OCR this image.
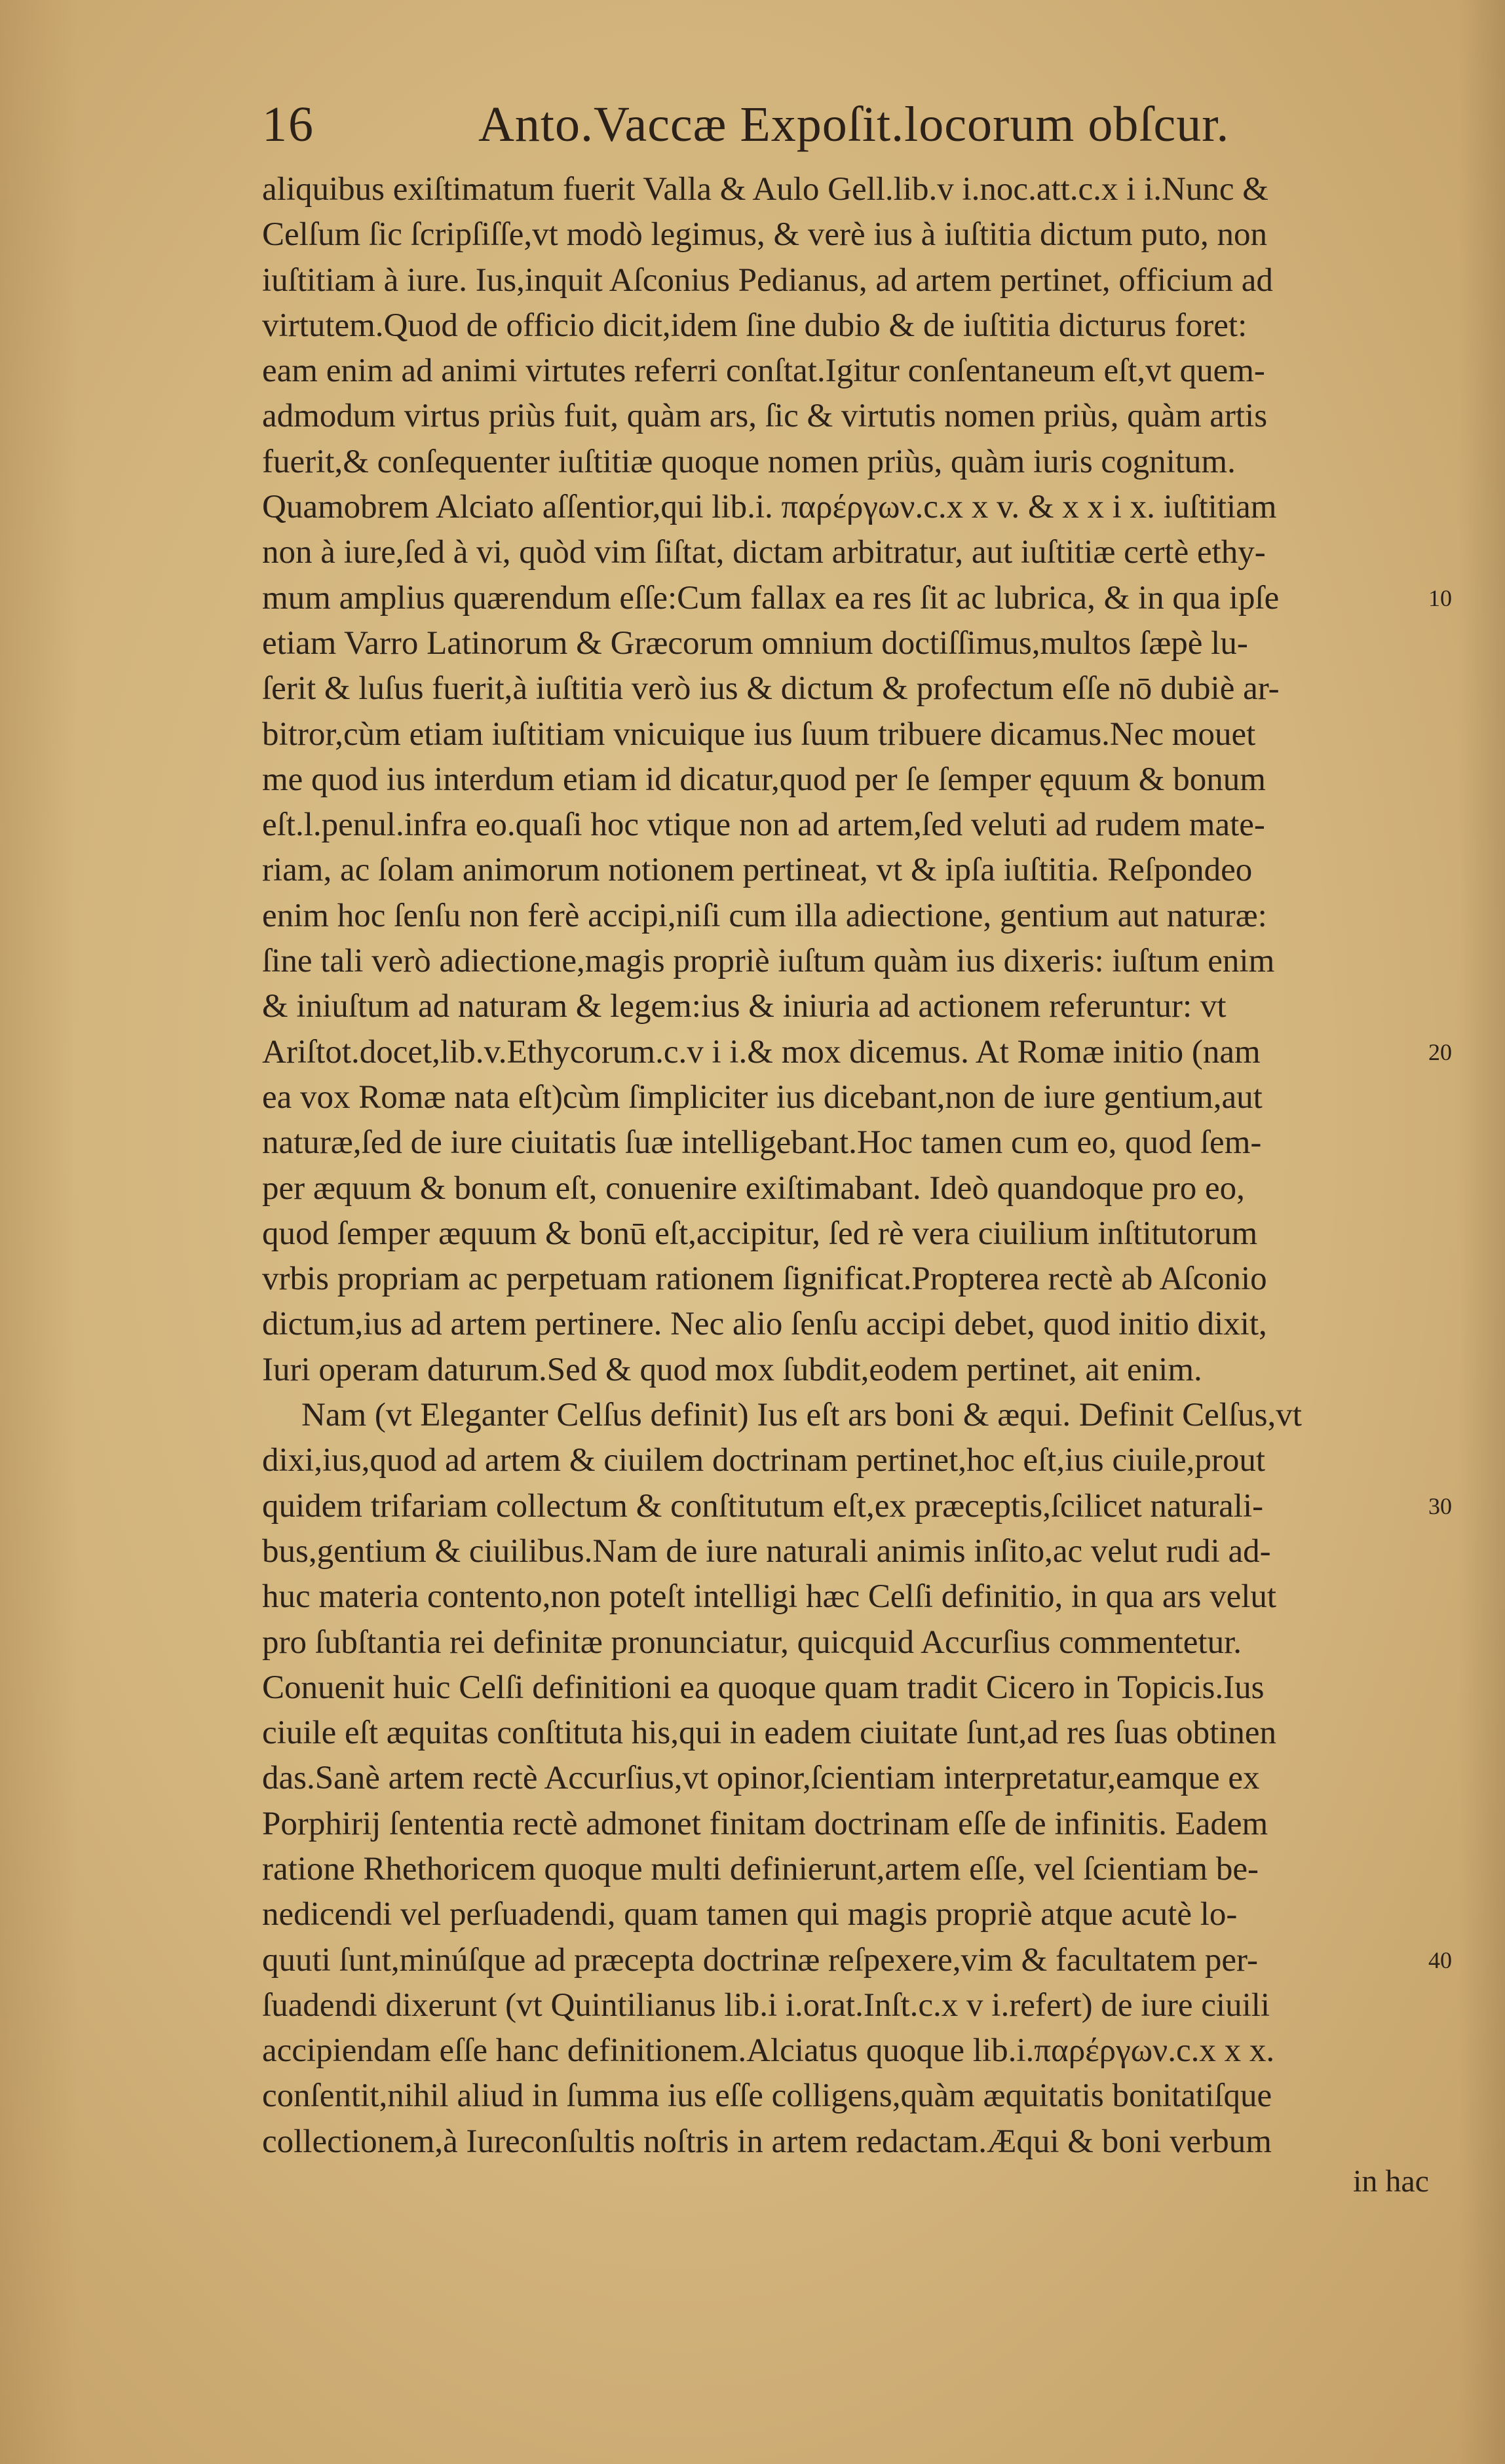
16	Anto.Vaccæ Expoſit.locorum obſcur.
aliquibus exiſtimatum fuerit Valla & Aulo Gell.lib.v i.noc.att.c.x i i.Nunc &
Celſum ſic ſcripſiſſe,vt modò legimus, & verè ius à iuſtitia dictum puto, non
iuſtitiam à iure. Ius,inquit Aſconius Pedianus, ad artem pertinet, officium ad
virtutem.Quod de officio dicit,idem ſine dubio & de iuſtitia dicturus foret:
eam enim ad animi virtutes referri conſtat.Igitur conſentaneum eſt,vt quem-
admodum virtus priùs fuit, quàm ars, ſic & virtutis nomen priùs, quàm artis
fuerit,& conſequenter iuſtitiæ quoque nomen priùs, quàm iuris cognitum.
Quamobrem Alciato aſſentior,qui lib.i. παρέργων.c.x x v. & x x i x. iuſtitiam
non à iure,ſed à vi, quòd vim ſiſtat, dictam arbitratur, aut iuſtitiæ certè ethy-
mum amplius quærendum eſſe:Cum fallax ea res ſit ac lubrica, & in qua ipſe	10
etiam Varro Latinorum & Græcorum omnium doctiſſimus,multos ſæpè lu-
ſerit & luſus fuerit,à iuſtitia verò ius & dictum & profectum eſſe nō dubiè ar-
bitror,cùm etiam iuſtitiam vnicuique ius ſuum tribuere dicamus.Nec mouet
me quod ius interdum etiam id dicatur,quod per ſe ſemper ęquum & bonum
eſt.l.penul.infra eo.quaſi hoc vtique non ad artem,ſed veluti ad rudem mate-
riam, ac ſolam animorum notionem pertineat, vt & ipſa iuſtitia. Reſpondeo
enim hoc ſenſu non ferè accipi,niſi cum illa adiectione, gentium aut naturæ:
ſine tali verò adiectione,magis propriè iuſtum quàm ius dixeris: iuſtum enim
& iniuſtum ad naturam & legem:ius & iniuria ad actionem referuntur: vt
Ariſtot.docet,lib.v.Ethycorum.c.v i i.& mox dicemus. At Romæ initio (nam	20
ea vox Romæ nata eſt)cùm ſimpliciter ius dicebant,non de iure gentium,aut
naturæ,ſed de iure ciuitatis ſuæ intelligebant.Hoc tamen cum eo, quod ſem-
per æquum & bonum eſt, conuenire exiſtimabant. Ideò quandoque pro eo,
quod ſemper æquum & bonū eſt,accipitur, ſed rè vera ciuilium inſtitutorum
vrbis propriam ac perpetuam rationem ſignificat.Propterea rectè ab Aſconio
dictum,ius ad artem pertinere. Nec alio ſenſu accipi debet, quod initio dixit,
Iuri operam daturum.Sed & quod mox ſubdit,eodem pertinet, ait enim.
Nam (vt Eleganter Celſus definit) Ius eſt ars boni & æqui. Definit Celſus,vt
dixi,ius,quod ad artem & ciuilem doctrinam pertinet,hoc eſt,ius ciuile,prout
quidem trifariam collectum & conſtitutum eſt,ex præceptis,ſcilicet naturali-	30
bus,gentium & ciuilibus.Nam de iure naturali animis inſito,ac velut rudi ad-
huc materia contento,non poteſt intelligi hæc Celſi definitio, in qua ars velut
pro ſubſtantia rei definitæ pronunciatur, quicquid Accurſius commentetur.
Conuenit huic Celſi definitioni ea quoque quam tradit Cicero in Topicis.Ius
ciuile eſt æquitas conſtituta his,qui in eadem ciuitate ſunt,ad res ſuas obtinen
das.Sanè artem rectè Accurſius,vt opinor,ſcientiam interpretatur,eamque ex
Porphirij ſententia rectè admonet finitam doctrinam eſſe de infinitis. Eadem
ratione Rhethoricem quoque multi definierunt,artem eſſe, vel ſcientiam be-
nedicendi vel perſuadendi, quam tamen qui magis propriè atque acutè lo-
quuti ſunt,minúſque ad præcepta doctrinæ reſpexere,vim & facultatem per-	40
ſuadendi dixerunt (vt Quintilianus lib.i i.orat.Inſt.c.x v i.refert) de iure ciuili
accipiendam eſſe hanc definitionem.Alciatus quoque lib.i.παρέργων.c.x x x.
conſentit,nihil aliud in ſumma ius eſſe colligens,quàm æquitatis bonitatiſque
collectionem,à Iureconſultis noſtris in artem redactam.Æqui & boni verbum
in hac
